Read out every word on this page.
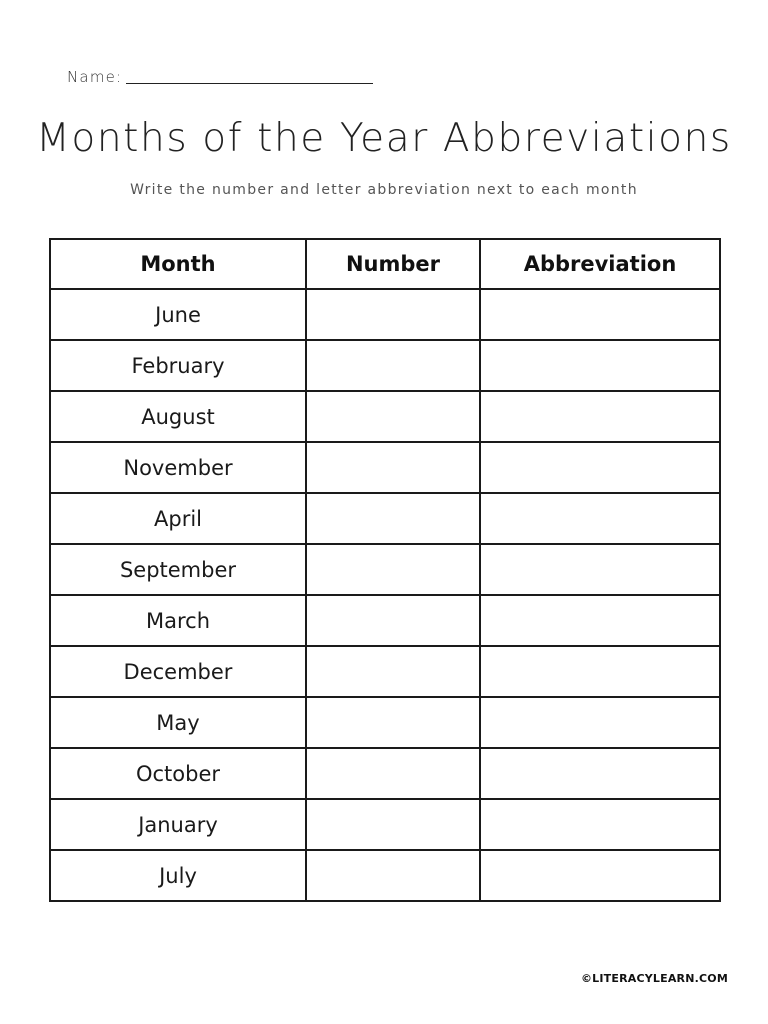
Name:
Months of the Year Abbreviations
Write the number and letter abbreviation next to each month
Month	Number	Abbreviation
June		
February		
August		
November		
April		
September		
March		
December		
May		
October		
January		
July		
©LITERACYLEARN.COM
